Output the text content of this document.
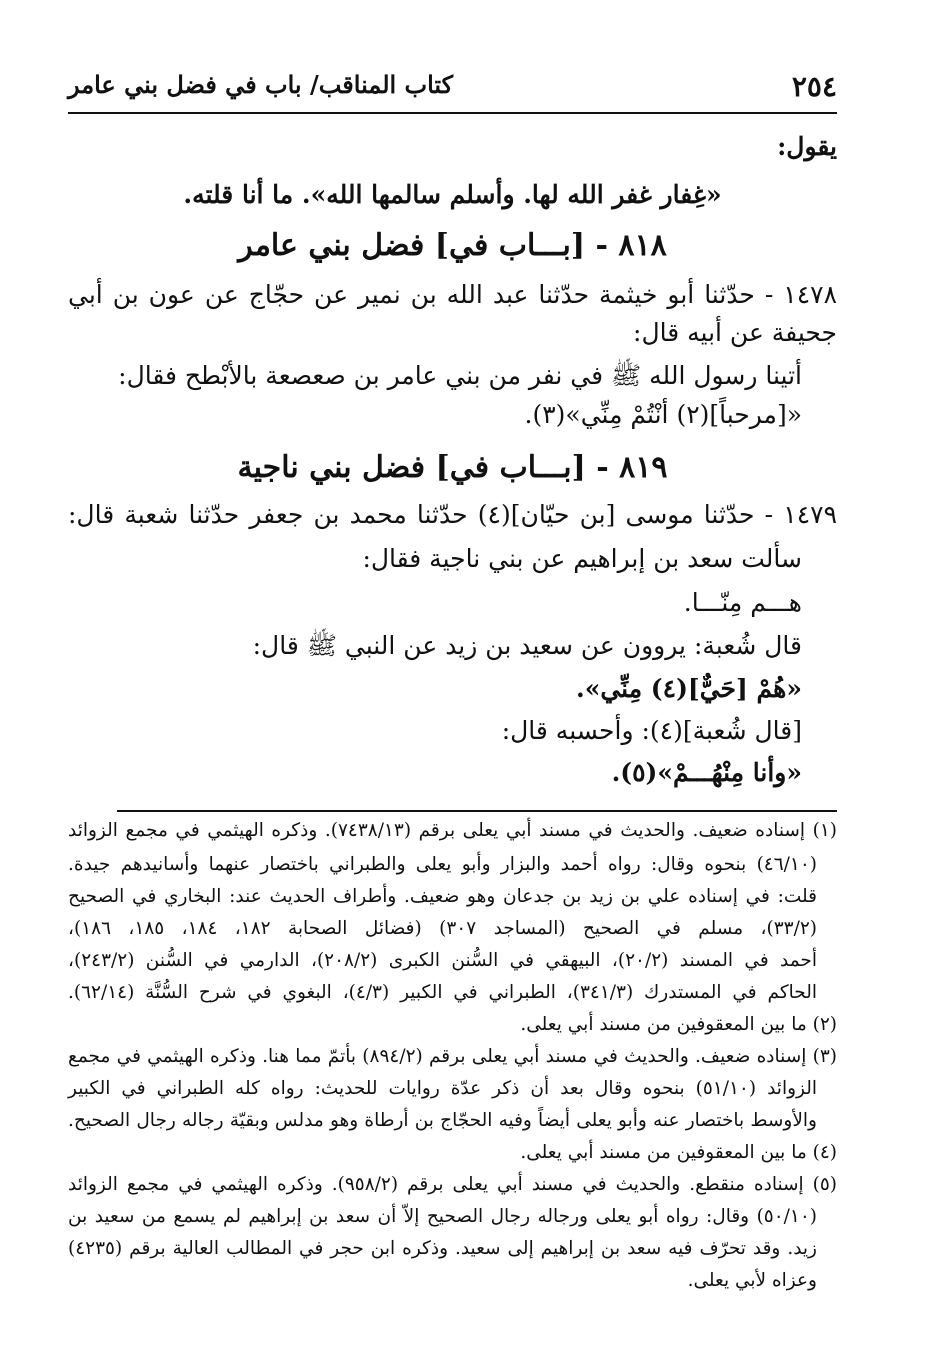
٢٥٤
كتاب المناقب/ باب في فضل بني عامر
يقول:
«غِفار غفر الله لها. وأسلم سالمها الله». ما أنا قلته.
٨١٨ - [بـــاب في] فضل بني عامر
١٤٧٨ - حدّثنا أبو خيثمة حدّثنا عبد الله بن نمير عن حجّاج عن عون بن أبي
جحيفة عن أبيه قال:
أتينا رسول الله ﷺ في نفر من بني عامر بن صعصعة بالأبْطح فقال:
«[مرحباً](٢) أنْتُمْ مِنِّي»(٣).
٨١٩ - [بـــاب في] فضل بني ناجية
١٤٧٩ - حدّثنا موسى [بن حيّان](٤) حدّثنا محمد بن جعفر حدّثنا شعبة قال:
سألت سعد بن إبراهيم عن بني ناجية فقال:
هـــم مِنّـــا.
قال شُعبة: يروون عن سعيد بن زيد عن النبي ﷺ قال:
«هُمْ [حَيٌّ](٤) مِنِّي».
[قال شُعبة](٤): وأحسبه قال:
«وأنا مِنْهُـــمْ»(٥).
(١) إسناده ضعيف. والحديث في مسند أبي يعلى برقم (٧٤٣٨/١٣). وذكره الهيثمي في مجمع الزوائد
(٤٦/١٠) بنحوه وقال: رواه أحمد والبزار وأبو يعلى والطبراني باختصار عنهما وأسانيدهم جيدة.
قلت: في إسناده علي بن زيد بن جدعان وهو ضعيف. وأطراف الحديث عند: البخاري في الصحيح
(٣٣/٢)، مسلم في الصحيح (المساجد ٣٠٧) (فضائل الصحابة ١٨٢، ١٨٤، ١٨٥، ١٨٦)،
أحمد في المسند (٢٠/٢)، البيهقي في السُّنن الكبرى (٢٠٨/٢)، الدارمي في السُّنن (٢٤٣/٢)،
الحاكم في المستدرك (٣٤١/٣)، الطبراني في الكبير (٤/٣)، البغوي في شرح السُّنَّة (٦٢/١٤).
(٢) ما بين المعقوفين من مسند أبي يعلى.
(٣) إسناده ضعيف. والحديث في مسند أبي يعلى برقم (٨٩٤/٢) بأتمّ مما هنا. وذكره الهيثمي في مجمع
الزوائد (٥١/١٠) بنحوه وقال بعد أن ذكر عدّة روايات للحديث: رواه كله الطبراني في الكبير
والأوسط باختصار عنه وأبو يعلى أيضاً وفيه الحجّاج بن أرطاة وهو مدلس وبقيّة رجاله رجال الصحيح.
(٤) ما بين المعقوفين من مسند أبي يعلى.
(٥) إسناده منقطع. والحديث في مسند أبي يعلى برقم (٩٥٨/٢). وذكره الهيثمي في مجمع الزوائد
(٥٠/١٠) وقال: رواه أبو يعلى ورجاله رجال الصحيح إلاّ أن سعد بن إبراهيم لم يسمع من سعيد بن
زيد. وقد تحرّف فيه سعد بن إبراهيم إلى سعيد. وذكره ابن حجر في المطالب العالية برقم (٤٢٣٥)
وعزاه لأبي يعلى.
